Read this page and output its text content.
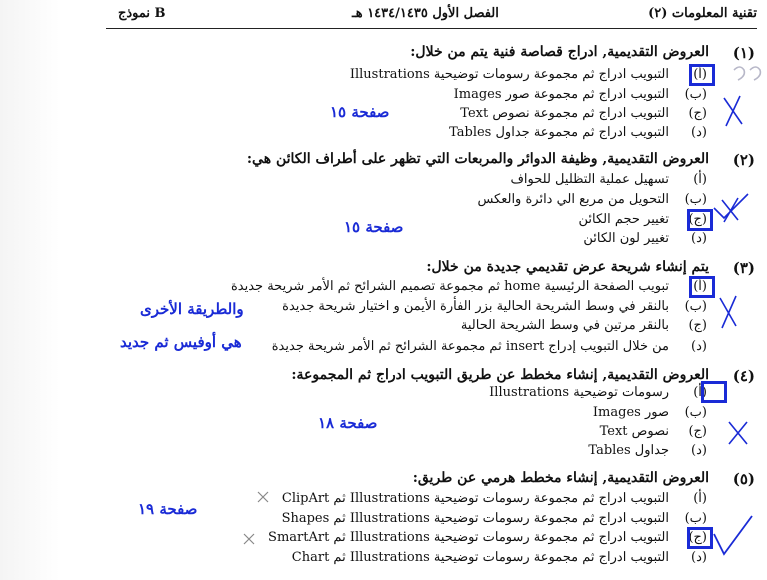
تقنية المعلومات (٢)
الفصل الأول ١٤٣٤/١٤٣٥ هـ
نموذج B
(١)
العروض التقديمية, ادراج قصاصة فنية يتم من خلال:
(أ)
التبويب ادراج ثم مجموعة رسومات توضيحية Illustrations
(ب)
التبويب ادراج ثم مجموعة صور Images
(ج)
التبويب ادراج ثم مجموعة نصوص Text
(د)
التبويب ادراج ثم مجموعة جداول Tables
صفحة ١٥
(٢)
العروض التقديمية, وظيفة الدوائر والمربعات التي تظهر على أطراف الكائن هي:
(أ)
تسهيل عملية التظليل للحواف
(ب)
التحويل من مربع الي دائرة والعكس
(ج)
تغيير حجم الكائن
(د)
تغيير لون الكائن
صفحة ١٥
(٣)
يتم إنشاء شريحة عرض تقديمي جديدة من خلال:
(أ)
تبويب الصفحة الرئيسية home ثم مجموعة تصميم الشرائح ثم الأمر شريحة جديدة
(ب)
بالنقر في وسط الشريحة الحالية بزر الفأرة الأيمن و اختيار شريحة جديدة
(ج)
بالنقر مرتين في وسط الشريحة الحالية
(د)
من خلال التبويب إدراج insert ثم مجموعة الشرائح ثم الأمر شريحة جديدة
والطريقة الأخرى
هي أوفيس ثم جديد
(٤)
العروض التقديمية, إنشاء مخطط عن طريق التبويب ادراج ثم المجموعة:
(أ)
رسومات توضيحية Illustrations
(ب)
صور Images
(ج)
نصوص Text
(د)
جداول Tables
صفحة ١٨
(٥)
العروض التقديمية, إنشاء مخطط هرمي عن طريق:
(أ)
التبويب ادراج ثم مجموعة رسومات توضيحية Illustrations ثم ClipArt
(ب)
التبويب ادراج ثم مجموعة رسومات توضيحية Illustrations ثم Shapes
(ج)
التبويب ادراج ثم مجموعة رسومات توضيحية Illustrations ثم SmartArt
(د)
التبويب ادراج ثم مجموعة رسومات توضيحية Illustrations ثم Chart
صفحة ١٩
